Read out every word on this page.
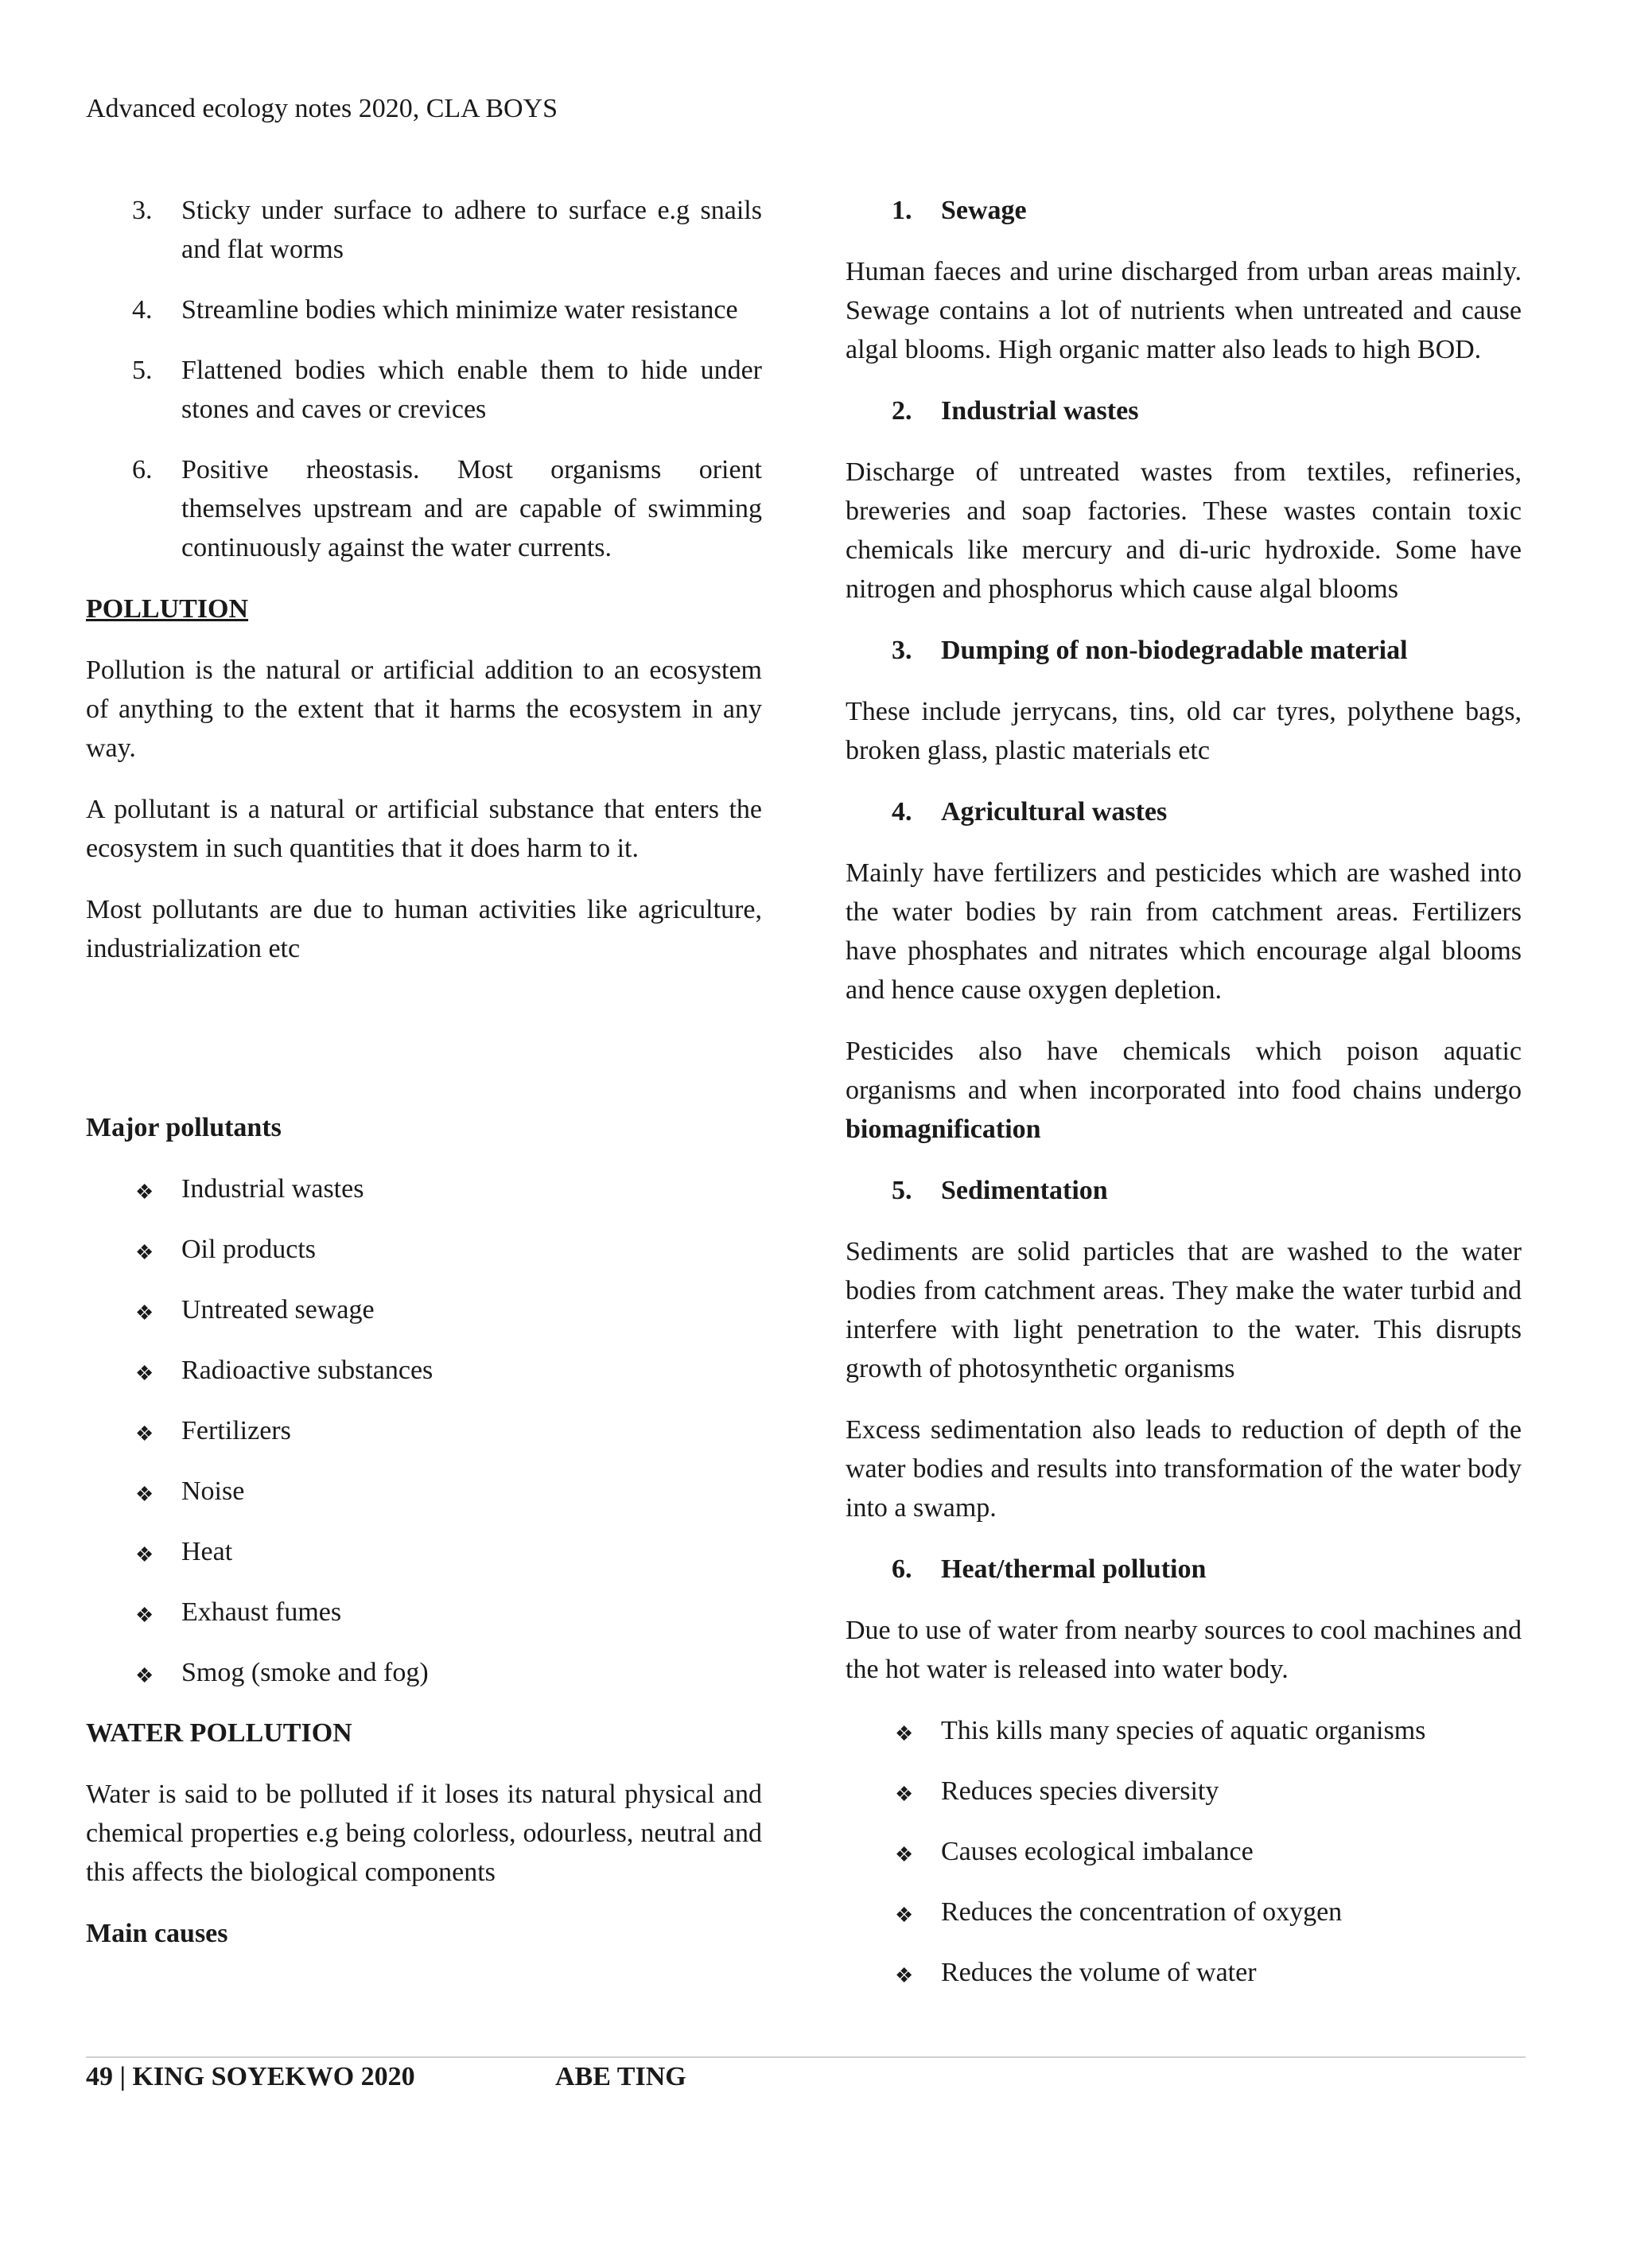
Advanced ecology notes 2020, CLA BOYS
3. Sticky under surface to adhere to surface e.g snails and flat worms
4. Streamline bodies which minimize water resistance
5. Flattened bodies which enable them to hide under stones and caves or crevices
6. Positive rheostasis. Most organisms orient themselves upstream and are capable of swimming continuously against the water currents.

POLLUTION

Pollution is the natural or artificial addition to an ecosystem of anything to the extent that it harms the ecosystem in any way.

A pollutant is a natural or artificial substance that enters the ecosystem in such quantities that it does harm to it.

Most pollutants are due to human activities like agriculture, industrialization etc

Major pollutants

❖ Industrial wastes
❖ Oil products
❖ Untreated sewage
❖ Radioactive substances
❖ Fertilizers
❖ Noise
❖ Heat
❖ Exhaust fumes
❖ Smog (smoke and fog)

WATER POLLUTION

Water is said to be polluted if it loses its natural physical and chemical properties e.g being colorless, odourless, neutral and this affects the biological components

Main causes

1. Sewage

Human faeces and urine discharged from urban areas mainly. Sewage contains a lot of nutrients when untreated and cause algal blooms. High organic matter also leads to high BOD.

2. Industrial wastes

Discharge of untreated wastes from textiles, refineries, breweries and soap factories. These wastes contain toxic chemicals like mercury and di-uric hydroxide. Some have nitrogen and phosphorus which cause algal blooms

3. Dumping of non-biodegradable material

These include jerrycans, tins, old car tyres, polythene bags, broken glass, plastic materials etc

4. Agricultural wastes

Mainly have fertilizers and pesticides which are washed into the water bodies by rain from catchment areas. Fertilizers have phosphates and nitrates which encourage algal blooms and hence cause oxygen depletion.

Pesticides also have chemicals which poison aquatic organisms and when incorporated into food chains undergo biomagnification

5. Sedimentation

Sediments are solid particles that are washed to the water bodies from catchment areas. They make the water turbid and interfere with light penetration to the water. This disrupts growth of photosynthetic organisms

Excess sedimentation also leads to reduction of depth of the water bodies and results into transformation of the water body into a swamp.

6. Heat/thermal pollution

Due to use of water from nearby sources to cool machines and the hot water is released into water body.

❖ This kills many species of aquatic organisms
❖ Reduces species diversity
❖ Causes ecological imbalance
❖ Reduces the concentration of oxygen
❖ Reduces the volume of water
49 | KING SOYEKWO 2020	ABE TING
